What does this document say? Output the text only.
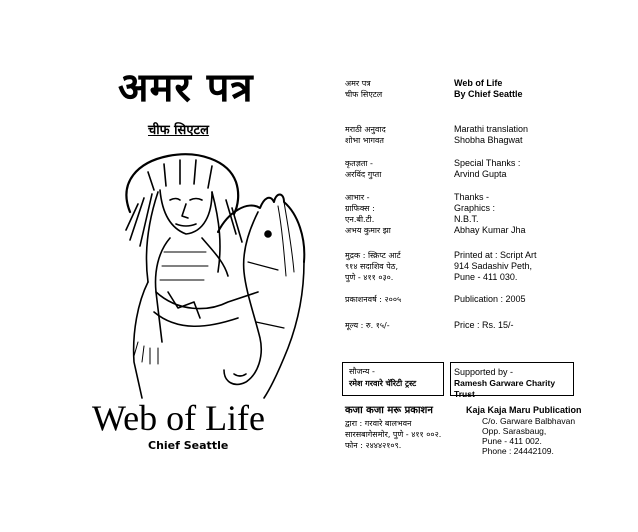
अमर पत्र
चीफ सिएटल
Web of Life
Chief Seattle
अमर पत्र
चीफ सिएटल
Web of Life
By Chief Seattle
मराठी अनुवाद
शोभा भागवत
Marathi translation
Shobha Bhagwat
कृतज्ञता -
अरविंद गुप्ता
Special Thanks :
Arvind Gupta
आभार -
ग्राफिक्स :
एन.बी.टी.
अभय कुमार झा
Thanks -
Graphics :
N.B.T.
Abhay Kumar Jha
मुद्रक : स्क्रिप्ट आर्ट
९१४ सदाशिव पेठ,
पुणे - ४११ ०३०.
Printed at : Script Art
914 Sadashiv Peth,
Pune - 411 030.
प्रकाशनवर्ष : २००५	Publication : 2005
मूल्य : रु. १५/-	Price : Rs. 15/-
सौजन्य -
रमेश गरवारे चॅरिटी ट्रस्ट
Supported by -
Ramesh Garware Charity Trust
कजा कजा मरू प्रकाशन
द्वारा : गरवारे बालभवन
सारसबागेसमोर, पुणे - ४११ ००२.
फोन : २४४४२१०९.
Kaja Kaja Maru Publication
C/o. Garware Balbhavan
Opp. Sarasbaug,
Pune - 411 002.
Phone : 24442109.
